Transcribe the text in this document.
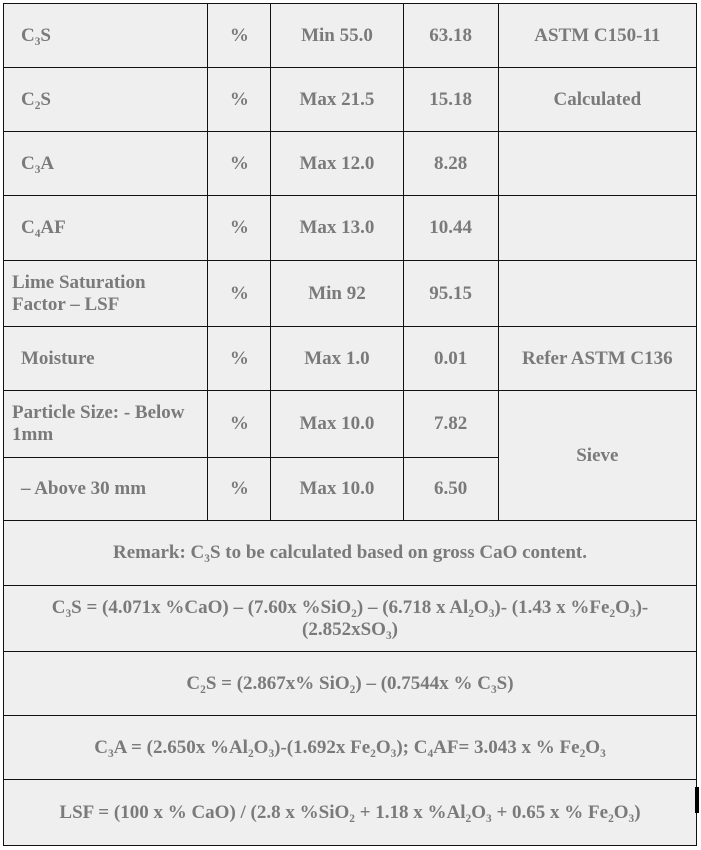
C₃S	%	Min 55.0	63.18	ASTM C150-11
C₂S	%	Max 21.5	15.18	Calculated
C₃A	%	Max 12.0	8.28	
C₄AF	%	Max 13.0	10.44	
Lime Saturation Factor – LSF	%	Min 92	95.15	
Moisture	%	Max 1.0	0.01	Refer ASTM C136
Particle Size: - Below 1mm	%	Max 10.0	7.82	Sieve
– Above 30 mm	%	Max 10.0	6.50	
Remark: C₃S to be calculated based on gross CaO content.				
C₃S = (4.071x %CaO) – (7.60x %SiO₂) – (6.718 x Al₂O₃)- (1.43 x %Fe₂O₃)-(2.852xSO₃)				
C₂S = (2.867x% SiO₂) – (0.7544x % C₃S)				
C₃A = (2.650x %Al₂O₃)-(1.692x Fe₂O₃); C₄AF= 3.043 x % Fe₂O₃				
LSF = (100 x % CaO) / (2.8 x %SiO₂ + 1.18 x %Al₂O₃ + 0.65 x % Fe₂O₃)				
